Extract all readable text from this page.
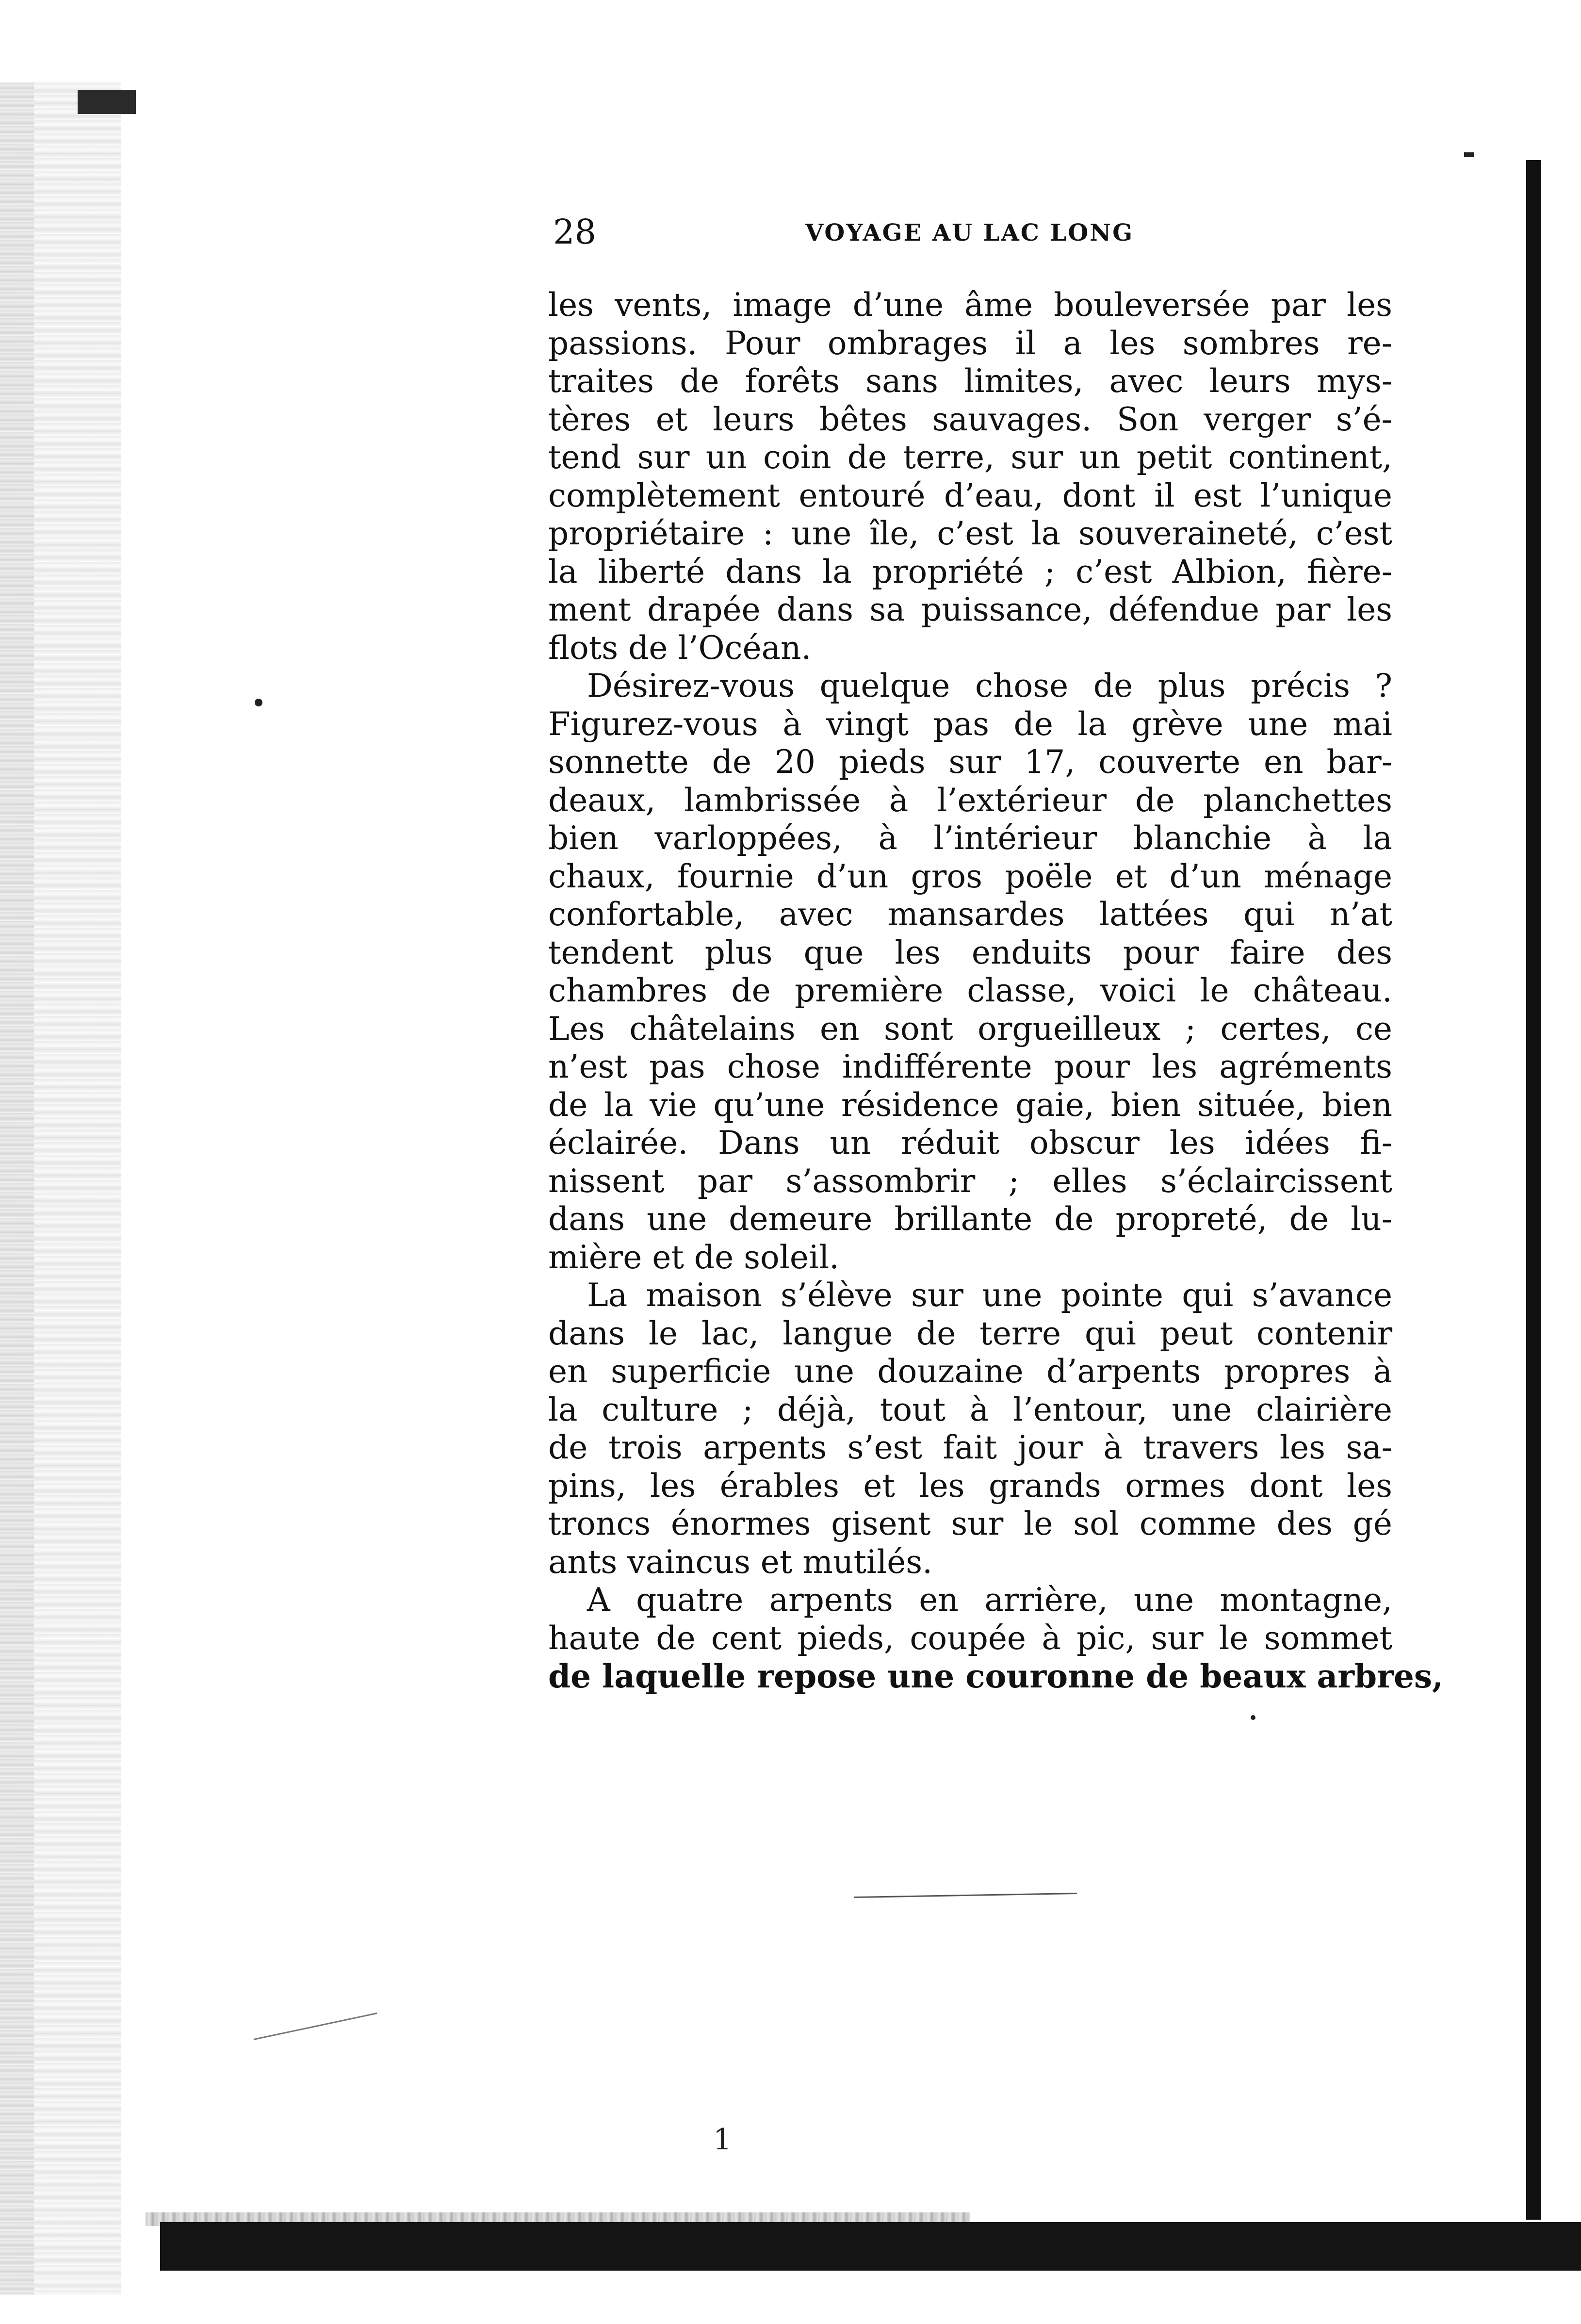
28	VOYAGE AU LAC LONG
les vents, image d’une âme bouleversée par les
passions. Pour ombrages il a les sombres re-
traites de forêts sans limites, avec leurs mys-
tères et leurs bêtes sauvages. Son verger s’é-
tend sur un coin de terre, sur un petit continent,
complètement entouré d’eau, dont il est l’unique
propriétaire : une île, c’est la souveraineté, c’est
la liberté dans la propriété ; c’est Albion, fière-
ment drapée dans sa puissance, défendue par les
flots de l’Océan.
Désirez-vous quelque chose de plus précis ?
Figurez-vous à vingt pas de la grève une mai
sonnette de 20 pieds sur 17, couverte en bar-
deaux, lambrissée à l’extérieur de planchettes
bien varloppées, à l’intérieur blanchie à la
chaux, fournie d’un gros poële et d’un ménage
confortable, avec mansardes lattées qui n’at
tendent plus que les enduits pour faire des
chambres de première classe, voici le château.
Les châtelains en sont orgueilleux ; certes, ce
n’est pas chose indifférente pour les agréments
de la vie qu’une résidence gaie, bien située, bien
éclairée. Dans un réduit obscur les idées fi-
nissent par s’assombrir ; elles s’éclaircissent
dans une demeure brillante de propreté, de lu-
mière et de soleil.
La maison s’élève sur une pointe qui s’avance
dans le lac, langue de terre qui peut contenir
en superficie une douzaine d’arpents propres à
la culture ; déjà, tout à l’entour, une clairière
de trois arpents s’est fait jour à travers les sa-
pins, les érables et les grands ormes dont les
troncs énormes gisent sur le sol comme des gé
ants vaincus et mutilés.
A quatre arpents en arrière, une montagne,
haute de cent pieds, coupée à pic, sur le sommet
de laquelle repose une couronne de beaux arbres,
1
